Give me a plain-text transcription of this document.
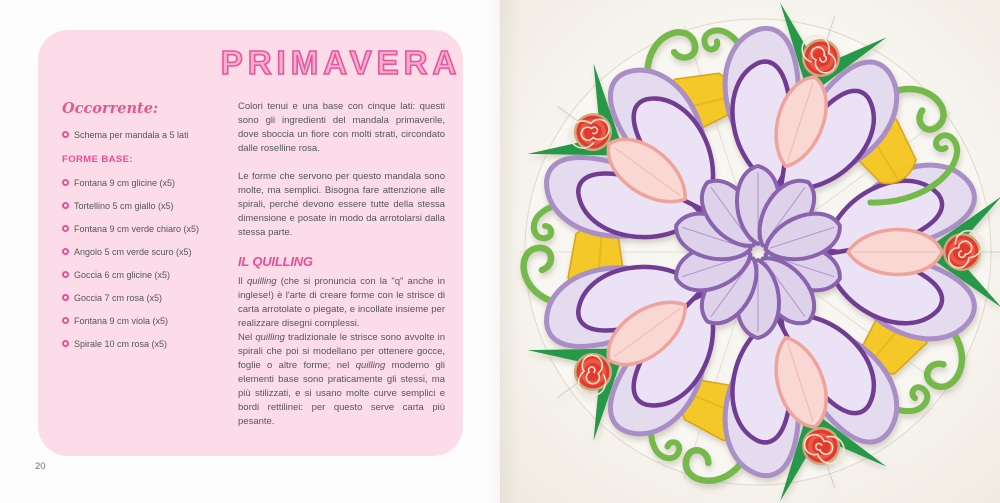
PRIMAVERA
Occorrente:
Schema per mandala a 5 lati
FORME BASE:
Fontana 9 cm glicine (x5)
Tortellino 5 cm giallo (x5)
Fontana 9 cm verde chiaro (x5)
Angolo 5 cm verde scuro (x5)
Goccia 6 cm glicine (x5)
Goccia 7 cm rosa (x5)
Fontana 9 cm viola (x5)
Spirale 10 cm rosa (x5)

Colori tenui e una base con cinque lati: questi sono gli ingredienti del mandala primaverile, dove sboccia un fiore con molti strati, circondato dalle roselline rosa.

Le forme che servono per questo mandala sono molte, ma semplici. Bisogna fare attenzione alle spirali, perché devono essere tutte della stessa dimensione e posate in modo da arrotolarsi dalla stessa parte.

IL QUILLING

Il quilling (che si pronuncia con la "q" anche in inglese!) è l'arte di creare forme con le strisce di carta arrotolate o piegate, e incollate insieme per realizzare disegni complessi.

Nel quilling tradizionale le strisce sono avvolte in spirali che poi si modellano per ottenere gocce, foglie o altre forme; nel quilling moderno gli elementi base sono praticamente gli stessi, ma più stilizzati, e si usano molte curve semplici e bordi rettilinei: per questo serve carta più pesante.

20
